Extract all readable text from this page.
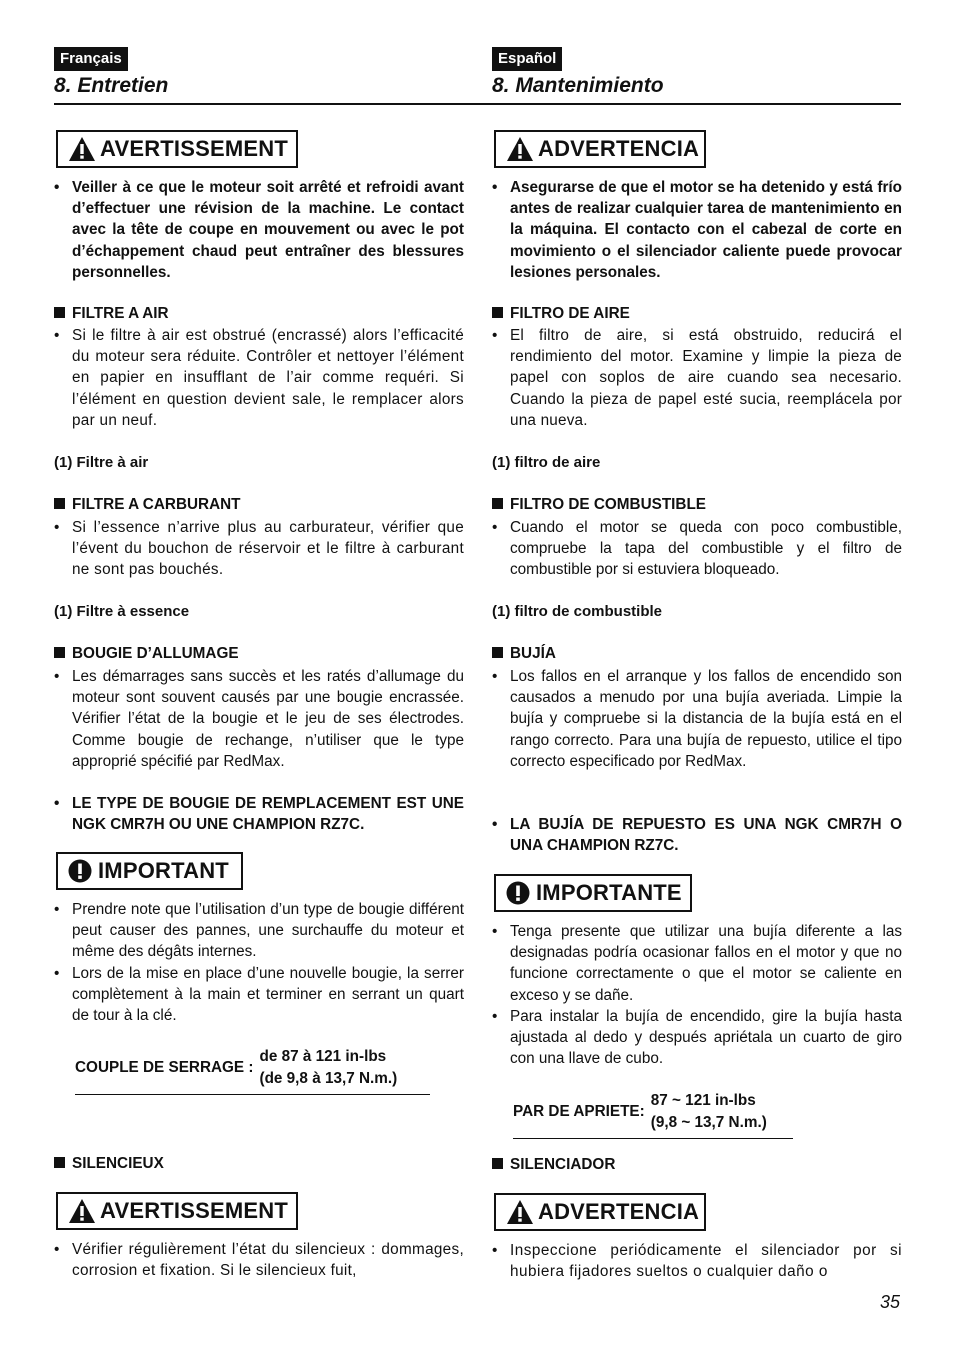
Français
8. Entretien
AVERTISSEMENT
• Veiller à ce que le moteur soit arrêté et refroidi avant d’effectuer une révision de la machine. Le contact avec la tête de coupe en mouvement ou avec le pot d’échappement chaud peut entraîner des blessures personnelles.
FILTRE A AIR
• Si le filtre à air est obstrué (encrassé) alors l’efficacité du moteur sera réduite. Contrôler et nettoyer l’élément en papier en insufflant de l’air comme requéri. Si l’élément en question devient sale, le remplacer alors par un neuf.
(1) Filtre à air
FILTRE A CARBURANT
• Si l’essence n’arrive plus au carburateur, vérifier que l’évent du bouchon de réservoir et le filtre à carburant ne sont pas bouchés.
(1) Filtre à essence
BOUGIE D’ALLUMAGE
• Les démarrages sans succès et les ratés d’allumage du moteur sont souvent causés par une bougie encrassée. Vérifier l’état de la bougie et le jeu de ses électrodes. Comme bougie de rechange, n’utiliser que le type approprié spécifié par RedMax.
• LE TYPE DE BOUGIE DE REMPLACEMENT EST UNE NGK CMR7H OU UNE CHAMPION RZ7C.
IMPORTANT
• Prendre note que l’utilisation d’un type de bougie différent peut causer des pannes, une surchauffe du moteur et même des dégâts internes.
• Lors de la mise en place d’une nouvelle bougie, la serrer complètement à la main et terminer en serrant un quart de tour à la clé.
COUPLE DE SERRAGE :
de 87 à 121 in-lbs
(de 9,8 à 13,7 N.m.)
SILENCIEUX
AVERTISSEMENT
• Vérifier régulièrement l’état du silencieux : dommages, corrosion et fixation. Si le silencieux fuit,
Español
8. Mantenimiento
ADVERTENCIA
• Asegurarse de que el motor se ha detenido y está frío antes de realizar cualquier tarea de mantenimiento en la máquina. El contacto con el cabezal de corte en movimiento o el silenciador caliente puede provocar lesiones personales.
FILTRO DE AIRE
• El filtro de aire, si está obstruido, reducirá el rendimiento del motor. Examine y limpie la pieza de papel con soplos de aire cuando sea necesario. Cuando la pieza de papel esté sucia, reemplácela por una nueva.
(1) filtro de aire
FILTRO DE COMBUSTIBLE
• Cuando el motor se queda con poco combustible, compruebe la tapa del combustible y el filtro de combustible por si estuviera bloqueado.
(1) filtro de combustible
BUJÍA
• Los fallos en el arranque y los fallos de encendido son causados a menudo por una bujía averiada. Limpie la bujía y compruebe si la distancia de la bujía está en el rango correcto. Para una bujía de repuesto, utilice el tipo correcto especificado por RedMax.
• LA BUJÍA DE REPUESTO ES UNA NGK CMR7H O UNA CHAMPION RZ7C.
IMPORTANTE
• Tenga presente que utilizar una bujía diferente a las designadas podría ocasionar fallos en el motor y que no funcione correctamente o que el motor se caliente en exceso y se dañe.
• Para instalar la bujía de encendido, gire la bujía hasta ajustada al dedo y después apriétala un cuarto de giro con una llave de cubo.
PAR DE APRIETE:
87 ~ 121 in-lbs
(9,8 ~ 13,7 N.m.)
SILENCIADOR
ADVERTENCIA
• Inspeccione periódicamente el silenciador por si hubiera fijadores sueltos o cualquier daño o
35
